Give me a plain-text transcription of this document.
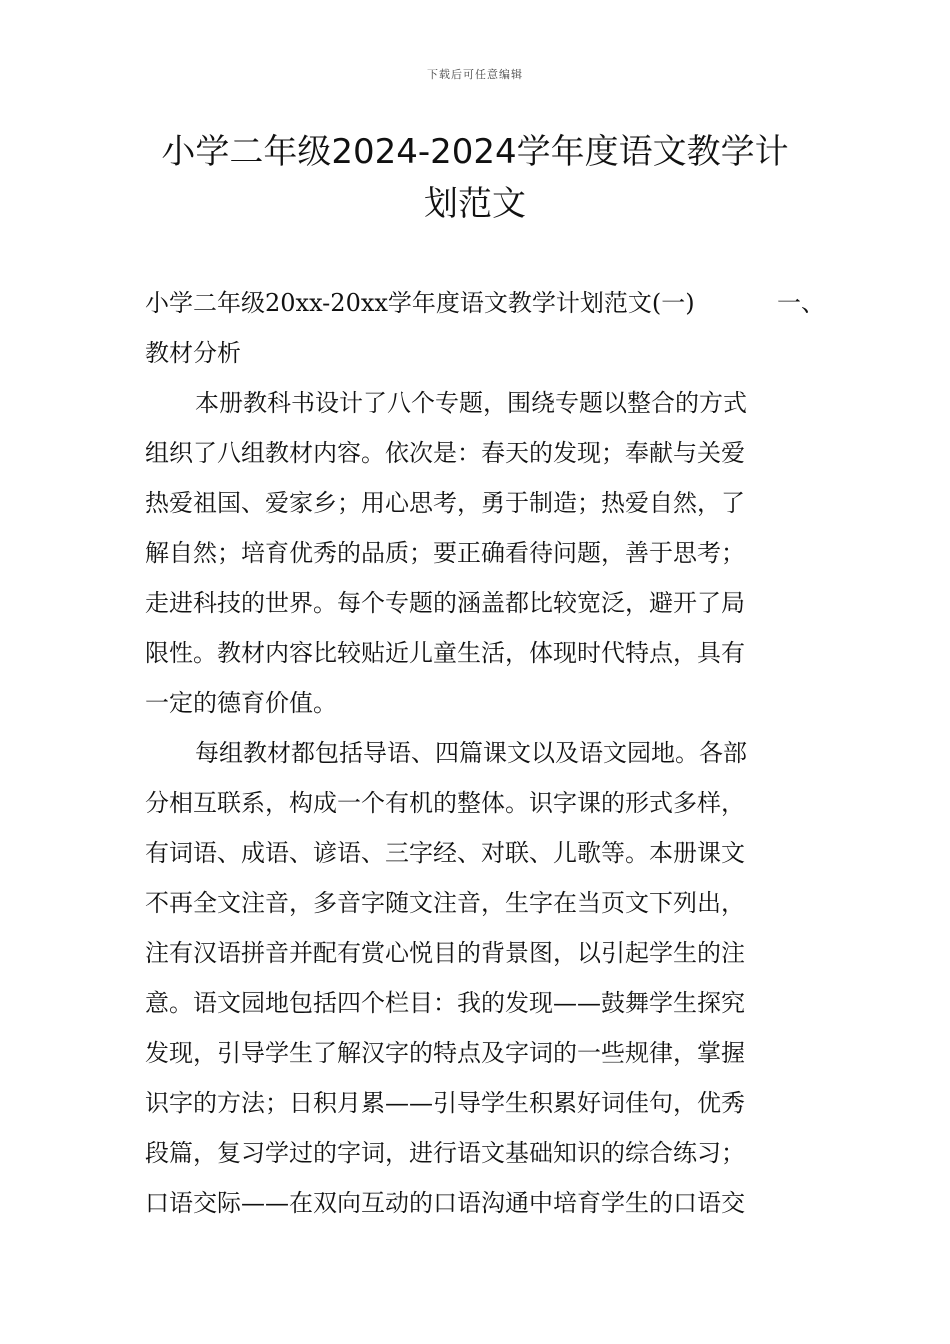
下载后可任意编辑
小学二年级2024-2024学年度语文教学计
划范文
小学二年级20xx-20xx学年度语文教学计划范文(一)	一、
教材分析
本册教科书设计了八个专题，围绕专题以整合的方式
组织了八组教材内容。依次是：春天的发现；奉献与关爱
热爱祖国、爱家乡；用心思考，勇于制造；热爱自然，了
解自然；培育优秀的品质；要正确看待问题，善于思考；
走进科技的世界。每个专题的涵盖都比较宽泛，避开了局
限性。教材内容比较贴近儿童生活，体现时代特点，具有
一定的德育价值。
每组教材都包括导语、四篇课文以及语文园地。各部
分相互联系，构成一个有机的整体。识字课的形式多样，
有词语、成语、谚语、三字经、对联、儿歌等。本册课文
不再全文注音，多音字随文注音，生字在当页文下列出，
注有汉语拼音并配有赏心悦目的背景图，以引起学生的注
意。语文园地包括四个栏目：我的发现——鼓舞学生探究
发现，引导学生了解汉字的特点及字词的一些规律，掌握
识字的方法；日积月累——引导学生积累好词佳句，优秀
段篇，复习学过的字词，进行语文基础知识的综合练习；
口语交际——在双向互动的口语沟通中培育学生的口语交
